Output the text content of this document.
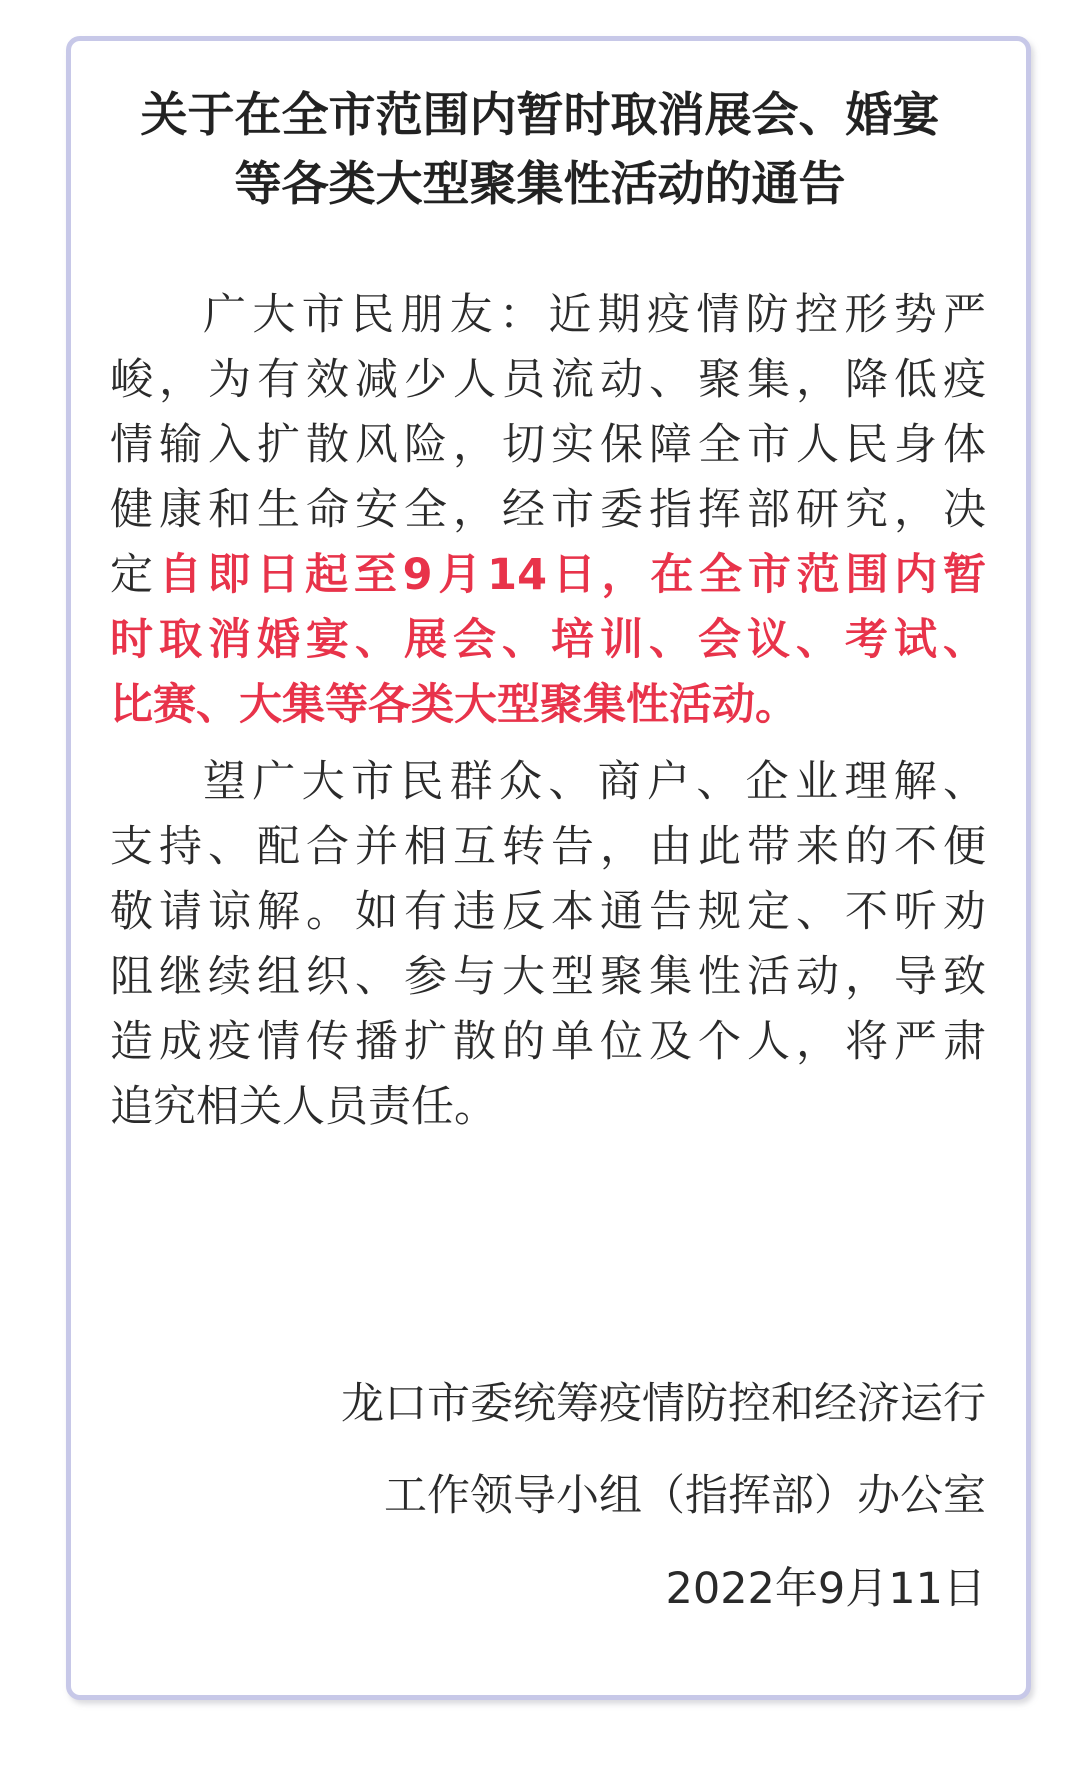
关于在全市范围内暂时取消展会、婚宴
等各类大型聚集性活动的通告

广大市民朋友：近期疫情防控形势严

峻，为有效减少人员流动、聚集，降低疫

情输入扩散风险，切实保障全市人民身体

健康和生命安全，经市委指挥部研究，决

定自即日起至9月14日，在全市范围内暂

时取消婚宴、展会、培训、会议、考试、

比赛、大集等各类大型聚集性活动。

望广大市民群众、商户、企业理解、

支持、配合并相互转告，由此带来的不便

敬请谅解。如有违反本通告规定、不听劝

阻继续组织、参与大型聚集性活动，导致

造成疫情传播扩散的单位及个人，将严肃

追究相关人员责任。

龙口市委统筹疫情防控和经济运行

工作领导小组（指挥部）办公室

2022年9月11日
